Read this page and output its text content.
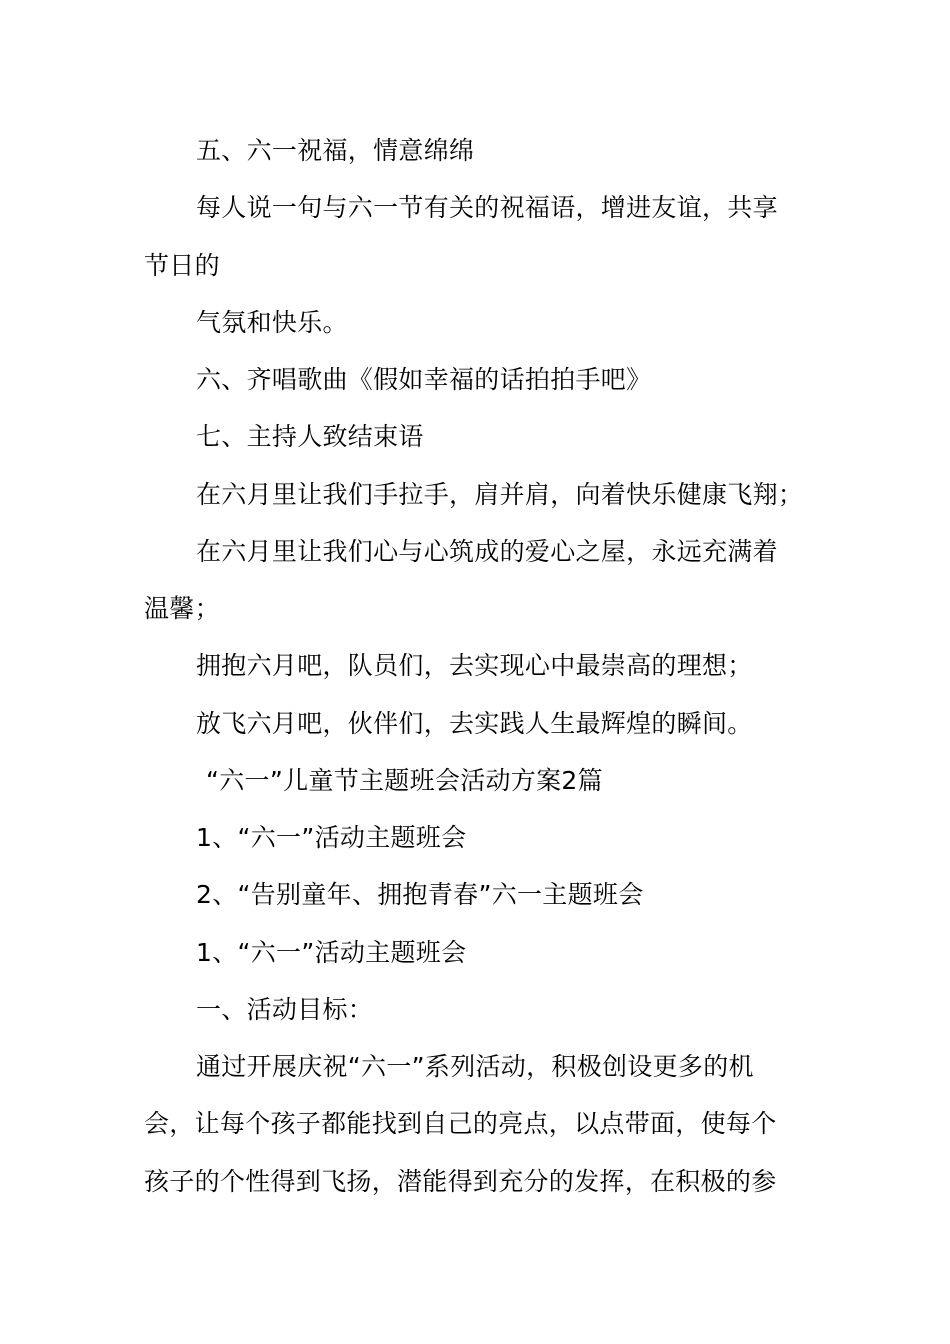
五、六一祝福，情意绵绵
每人说一句与六一节有关的祝福语，增进友谊，共享
节日的
气氛和快乐。
六、齐唱歌曲《假如幸福的话拍拍手吧》
七、主持人致结束语
在六月里让我们手拉手，肩并肩，向着快乐健康飞翔；
在六月里让我们心与心筑成的爱心之屋，永远充满着
温馨；
拥抱六月吧，队员们，去实现心中最崇高的理想；
放飞六月吧，伙伴们，去实践人生最辉煌的瞬间。
“六一”儿童节主题班会活动方案2篇
1、“六一”活动主题班会
2、“告别童年、拥抱青春”六一主题班会
1、“六一”活动主题班会
一、活动目标：
通过开展庆祝“六一”系列活动，积极创设更多的机
会，让每个孩子都能找到自己的亮点，以点带面，使每个
孩子的个性得到飞扬，潜能得到充分的发挥，在积极的参
